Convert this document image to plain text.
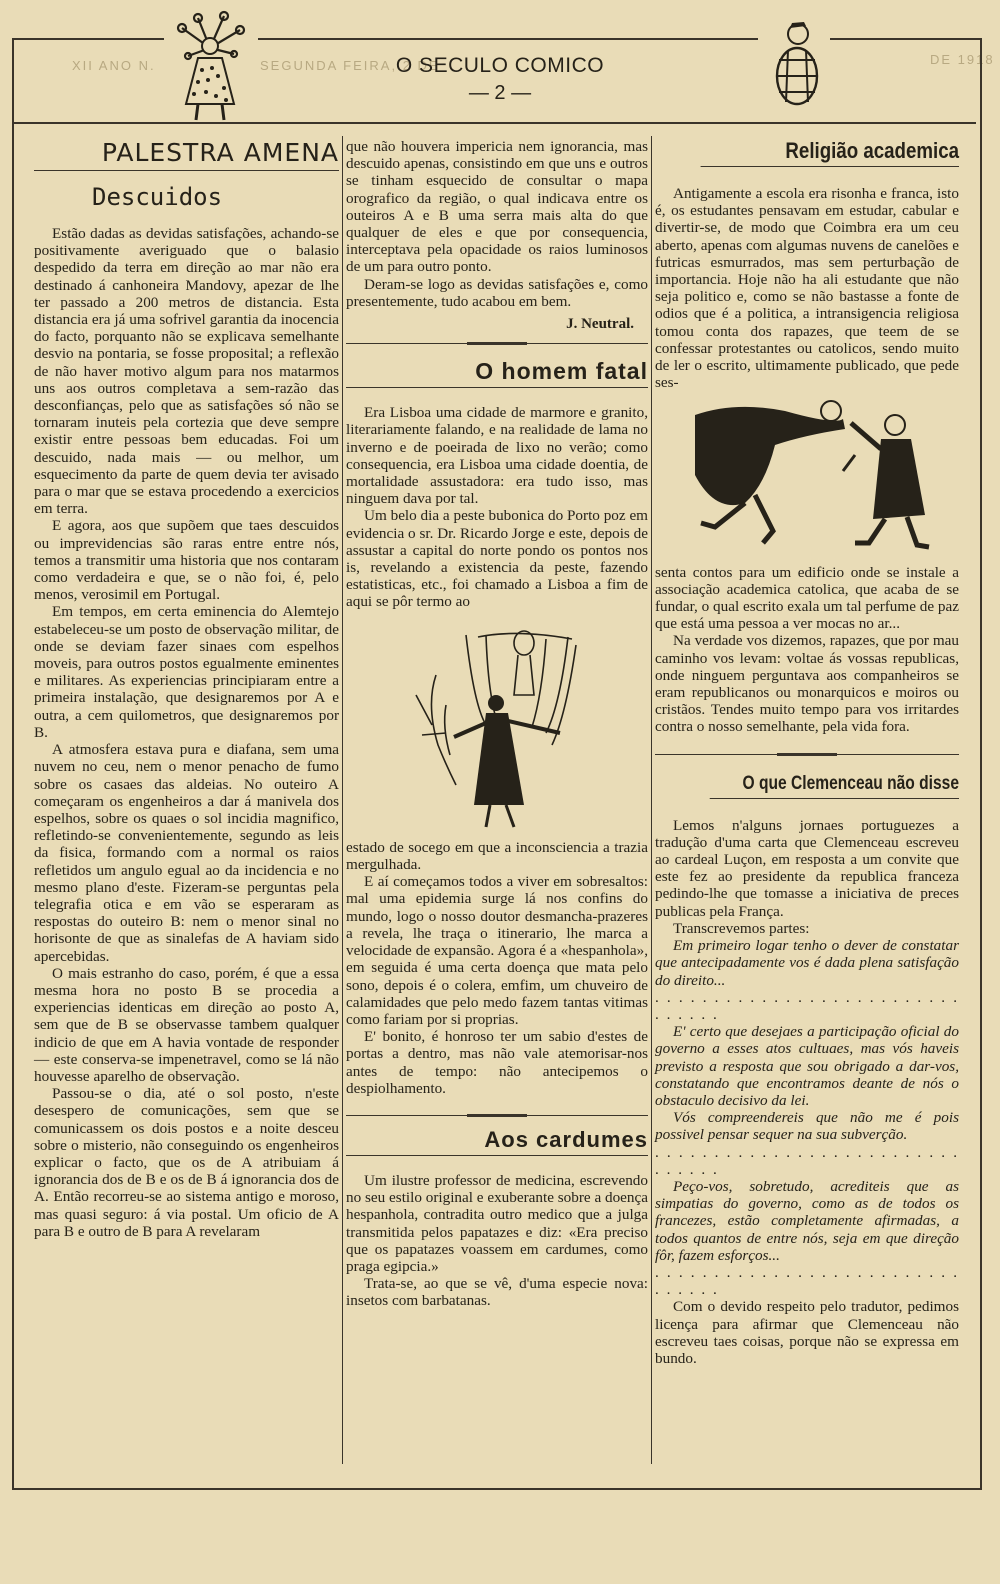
DE 1918
SEGUNDA FEIRA, 2 DE
XII ANO N.	O SECULO COMICO
— 2 —
PALESTRA AMENA
Descuidos

Estão dadas as devidas satisfações, achando-se positivamente averiguado que o balasio despedido da terra em direção ao mar não era destinado á canhoneira Mandovy, apezar de lhe ter passado a 200 metros de distancia. Esta distancia era já uma sofrivel garantia da inocencia do facto, porquanto não se explicava semelhante desvio na pontaria, se fosse proposital; a reflexão de não haver motivo algum para nos matarmos uns aos outros completava a sem-razão das desconfianças, pelo que as satisfações só não se tornaram inuteis pela cortezia que deve sempre existir entre pessoas bem educadas. Foi um descuido, nada mais — ou melhor, um esquecimento da parte de quem devia ter avisado para o mar que se estava procedendo a exercicios em terra.

E agora, aos que supõem que taes descuidos ou imprevidencias são raras entre entre nós, temos a transmitir uma historia que nos contaram como verdadeira e que, se o não foi, é, pelo menos, verosimil em Portugal.

Em tempos, em certa eminencia do Alemtejo estabeleceu-se um posto de observação militar, de onde se deviam fazer sinaes com espelhos moveis, para outros postos egualmente eminentes e militares. As experiencias principiaram entre a primeira instalação, que designaremos por A e outra, a cem quilometros, que designaremos por B.

A atmosfera estava pura e diafana, sem uma nuvem no ceu, nem o menor penacho de fumo sobre os casaes das aldeias. No outeiro A começaram os engenheiros a dar á manivela dos espelhos, sobre os quaes o sol incidia magnifico, refletindo-se convenientemente, segundo as leis da fisica, formando com a normal os raios refletidos um angulo egual ao da incidencia e no mesmo plano d'este. Fizeram-se perguntas pela telegrafia otica e em vão se esperaram as respostas do outeiro B: nem o menor sinal no horisonte de que as sinalefas de A haviam sido apercebidas.

O mais estranho do caso, porém, é que a essa mesma hora no posto B se procedia a experiencias identicas em direção ao posto A, sem que de B se observasse tambem qualquer indicio de que em A havia vontade de responder — este conserva-se impenetravel, como se lá não houvesse aparelho de observação.

Passou-se o dia, até o sol posto, n'este desespero de comunicações, sem que se comunicassem os dois postos e a noite desceu sobre o misterio, não conseguindo os engenheiros explicar o facto, que os de A atribuiam á ignorancia dos de B e os de B á ignorancia dos de A. Então recorreu-se ao sistema antigo e moroso, mas quasi seguro: á via postal. Um oficio de A para B e outro de B para A revelaram

que não houvera impericia nem ignorancia, mas descuido apenas, consistindo em que uns e outros se tinham esquecido de consultar o mapa orografico da região, o qual indicava entre os outeiros A e B uma serra mais alta do que qualquer de eles e que por consequencia, interceptava pela opacidade os raios luminosos de um para outro ponto.

Deram-se logo as devidas satisfações e, como presentemente, tudo acabou em bem.

J. Neutral.
O homem fatal

Era Lisboa uma cidade de marmore e granito, literariamente falando, e na realidade de lama no inverno e de poeirada de lixo no verão; como consequencia, era Lisboa uma cidade doentia, de mortalidade assustadora: era tudo isso, mas ninguem dava por tal.

Um belo dia a peste bubonica do Porto poz em evidencia o sr. Dr. Ricardo Jorge e este, depois de assustar a capital do norte pondo os pontos nos is, revelando a existencia da peste, fazendo estatisticas, etc., foi chamado a Lisboa a fim de aqui se pôr termo ao

estado de socego em que a inconsciencia a trazia mergulhada.

E aí começamos todos a viver em sobresaltos: mal uma epidemia surge lá nos confins do mundo, logo o nosso doutor desmancha-prazeres a revela, lhe traça o itinerario, lhe marca a velocidade de expansão. Agora é a «hespanhola», em seguida é uma certa doença que mata pelo sono, depois é o colera, emfim, um chuveiro de calamidades que pelo medo fazem tantas vitimas como fariam por si proprias.

E' bonito, é honroso ter um sabio d'estes de portas a dentro, mas não vale atemorisar-nos antes de tempo: não antecipemos o despiolhamento.

Aos cardumes

Um ilustre professor de medicina, escrevendo no seu estilo original e exuberante sobre a doença hespanhola, contradita outro medico que a julga transmitida pelos papatazes e diz: «Era preciso que os papatazes voassem em cardumes, como praga egipcia.»

Trata-se, ao que se vê, d'uma especie nova: insetos com barbatanas.

Religião academica

Antigamente a escola era risonha e franca, isto é, os estudantes pensavam em estudar, cabular e divertir-se, de modo que Coimbra era um ceu aberto, apenas com algumas nuvens de canelões e futricas esmurrados, mas sem perturbação de importancia. Hoje não ha ali estudante que não seja politico e, como se não bastasse a fonte de odios que é a politica, a intransigencia religiosa tomou conta dos rapazes, que teem de se confessar protestantes ou catolicos, sendo muito de ler o escrito, ultimamente publicado, que pede ses-

senta contos para um edificio onde se instale a associação academica catolica, que acaba de se fundar, o qual escrito exala um tal perfume de paz que está uma pessoa a ver mocas no ar...

Na verdade vos dizemos, rapazes, que por mau caminho vos levam: voltae ás vossas republicas, onde ninguem perguntava aos companheiros se eram republicanos ou monarquicos e moiros ou cristãos. Tendes muito tempo para vos irritardes contra o nosso semelhante, pela vida fora.

O que Clemenceau não disse

Lemos n'alguns jornaes portuguezes a tradução d'uma carta que Clemenceau escreveu ao cardeal Luçon, em resposta a um convite que este fez ao presidente da republica franceza pedindo-lhe que tomasse a iniciativa de preces publicas pela França.

Transcrevemos partes:

Em primeiro logar tenho o dever de constatar que antecipadamente vos é dada plena satisfação do direito...

. . . . . . . . . . . . . . . . . . . . . . . . . . . . . . . .

E' certo que desejaes a participação oficial do governo a esses atos cultuaes, mas vós haveis previsto a resposta que sou obrigado a dar-vos, constatando que encontramos deante de nós o obstaculo decisivo da lei.

Vós compreendereis que não me é pois possivel pensar sequer na sua subverção.

. . . . . . . . . . . . . . . . . . . . . . . . . . . . . . . .

Peço-vos, sobretudo, acrediteis que as simpatias do governo, como as de todos os francezes, estão completamente afirmadas, a todos quantos de entre nós, seja em que direção fôr, fazem esforços...

. . . . . . . . . . . . . . . . . . . . . . . . . . . . . . . .

Com o devido respeito pelo tradutor, pedimos licença para afirmar que Clemenceau não escreveu taes coisas, porque não se expressa em bundo.
